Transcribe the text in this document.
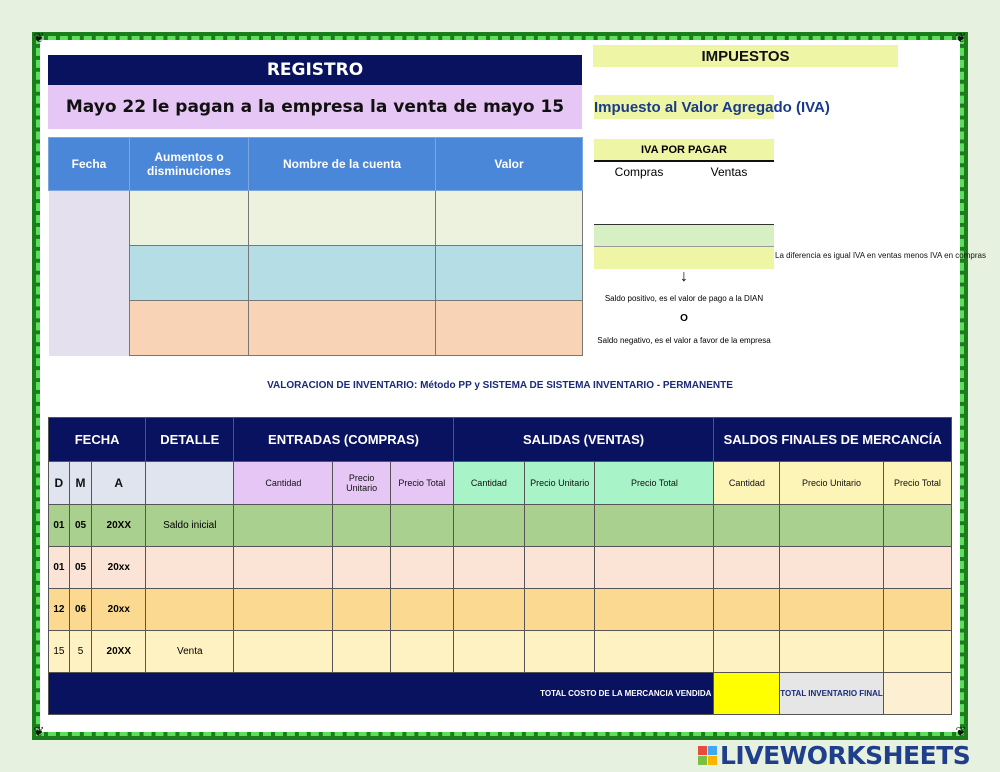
❦	❦
❦	❦
REGISTRO
Mayo 22 le pagan a la empresa la venta de mayo 15
Fecha	Aumentos o disminuciones	Nombre de la cuenta	Valor

IMPUESTOS
Impuesto al Valor Agregado (IVA)
IVA POR PAGAR
Compras	Ventas
La diferencia es igual IVA en ventas menos IVA en compras
↓
Saldo positivo, es el valor de pago a la DIAN
O
Saldo negativo, es el valor a favor de la empresa
VALORACION DE INVENTARIO: Método PP y SISTEMA DE SISTEMA INVENTARIO - PERMANENTE
FECHA			DETALLE	ENTRADAS (COMPRAS)			SALIDAS (VENTAS)			SALDOS FINALES DE MERCANCÍA		
D	M	A		Cantidad	Precio Unitario	Precio Total	Cantidad	Precio Unitario	Precio Total	Cantidad	Precio Unitario	Precio Total
01	05	20XX	Saldo inicial									
01	05	20xx										
12	06	20xx										
15	5	20XX	Venta									
TOTAL COSTO DE LA MERCANCIA VENDIDA											TOTAL INVENTARIO FINAL	
LIVEWORKSHEETS
